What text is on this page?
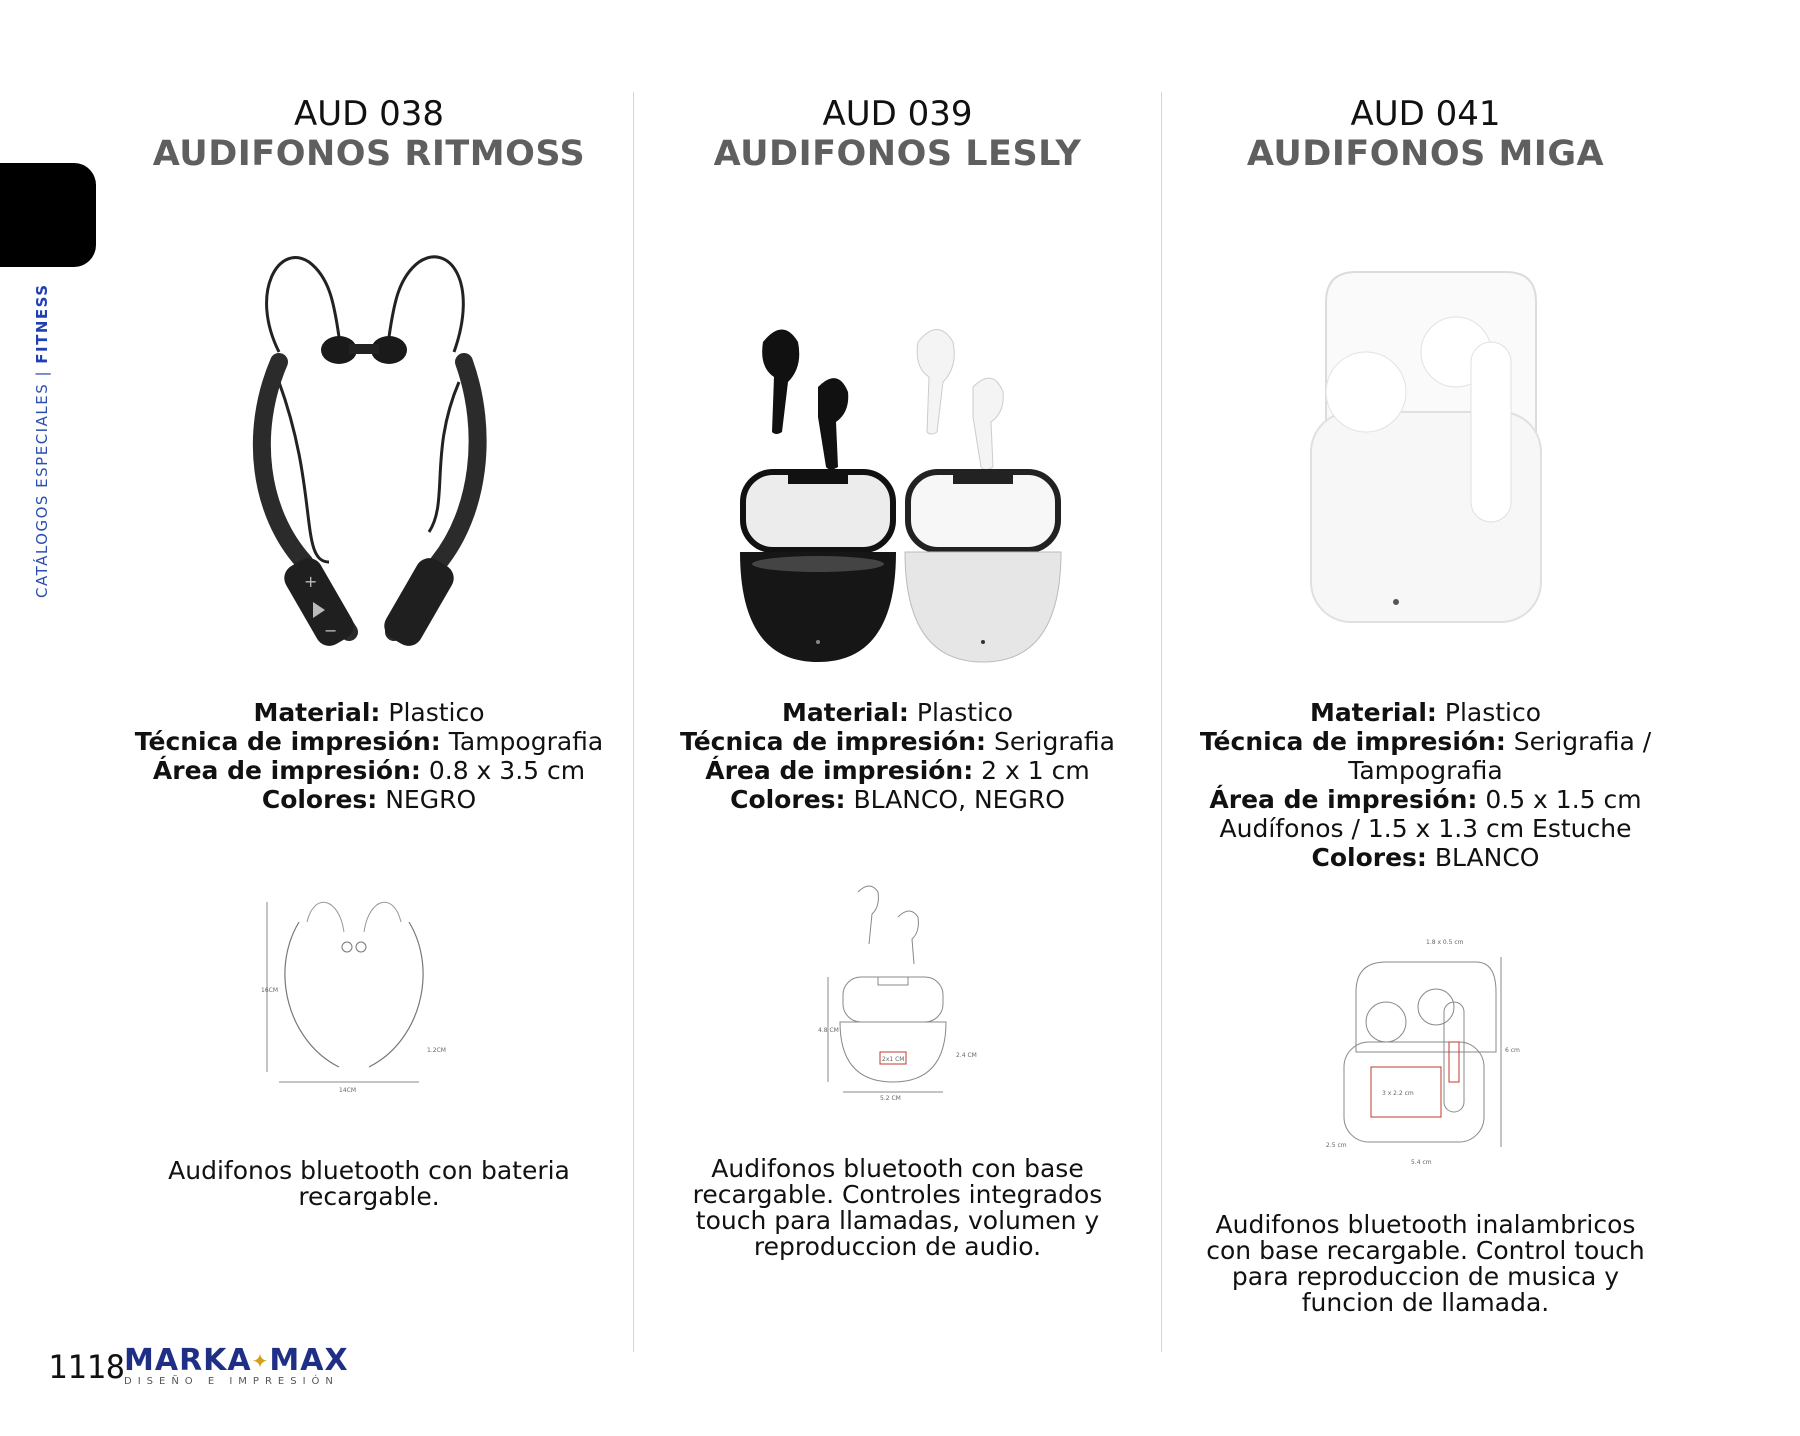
CATÁLOGOS ESPECIALES | FITNESS
AUD 038
AUDIFONOS RITMOSS
+
−
Material: Plastico
Técnica de impresión: Tampografia
Área de impresión: 0.8 x 3.5 cm
Colores: NEGRO
16CM
14CM
1.2CM
Audifonos bluetooth con bateria
recargable.
AUD 039
AUDIFONOS LESLY
Material: Plastico
Técnica de impresión: Serigrafia
Área de impresión: 2 x 1 cm
Colores: BLANCO, NEGRO
2x1 CM
4.8 CM
5.2 CM
2.4 CM
Audifonos bluetooth con base
recargable. Controles integrados
touch para llamadas, volumen y
reproduccion de audio.
AUD 041
AUDIFONOS MIGA
Material: Plastico
Técnica de impresión: Serigrafia /
Tampografia
Área de impresión: 0.5 x 1.5 cm
Audífonos / 1.5 x 1.3 cm Estuche
Colores: BLANCO
1.8 x 0.5 cm
3 x 2.2 cm
6 cm
2.5 cm
5.4 cm
Audifonos bluetooth inalambricos
con base recargable. Control touch
para reproduccion de musica y
funcion de llamada.
1118
MARKA✦MAX
DISEÑO E IMPRESIÓN
